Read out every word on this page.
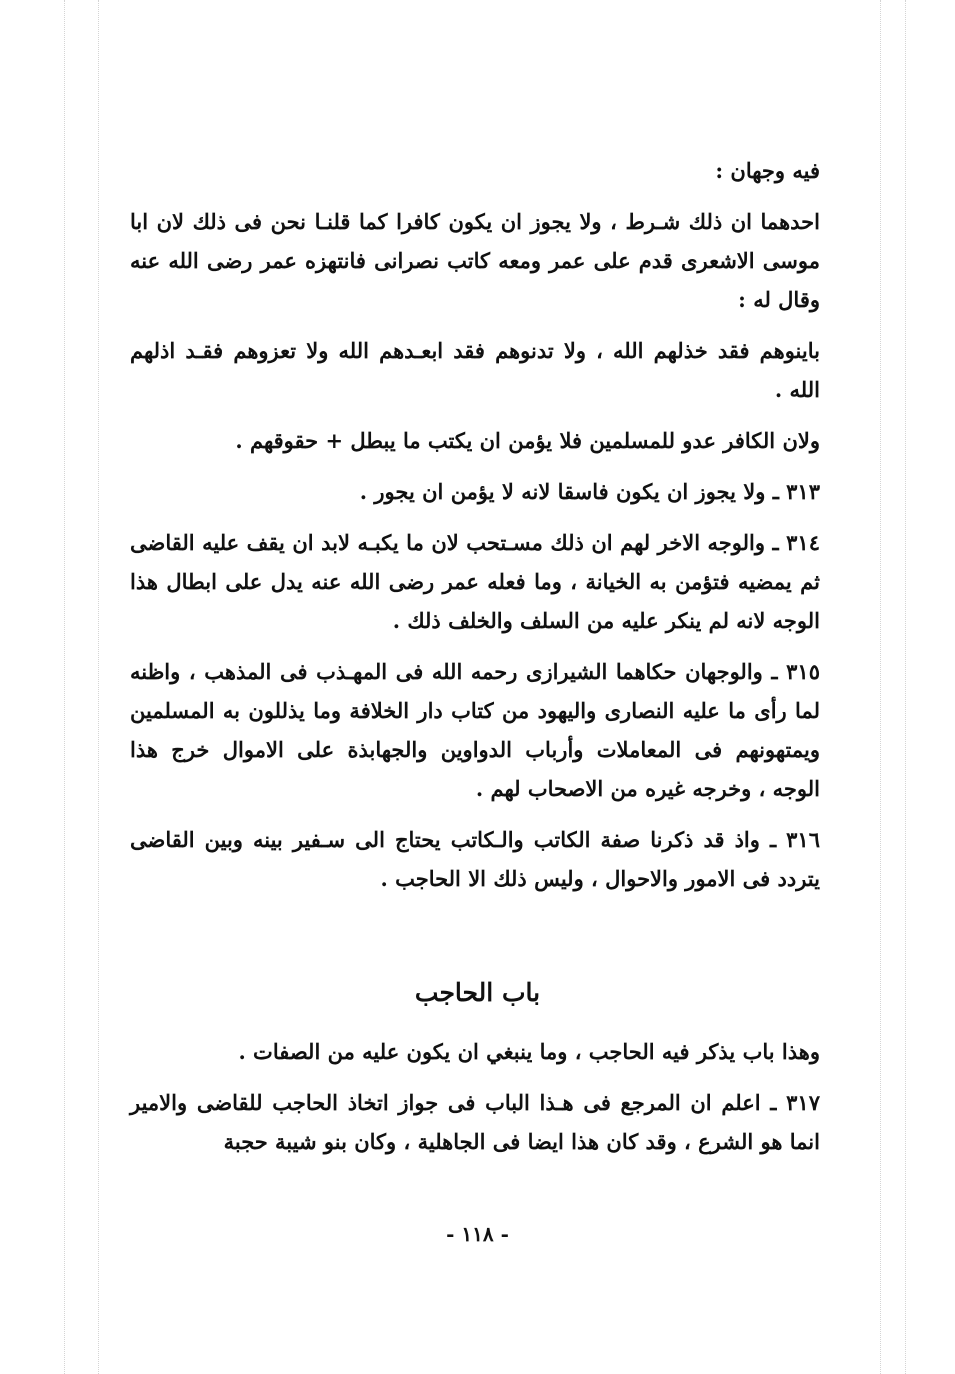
فيه وجهان :

احدهما ان ذلك شـرط ، ولا يجوز ان يكون كافرا كما قلنـا نحن فى ذلك لان ابا موسى الاشعرى قدم على عمر ومعه كاتب نصرانى فانتهزه عمر رضى الله عنه وقال له :

باينوهم فقد خذلهم الله ، ولا تدنوهم فقد ابعـدهم الله ولا تعزوهم فقـد اذلهم الله .

ولان الكافر عدو للمسلمين فلا يؤمن ان يكتب ما يبطل + حقوقهم .

٣١٣ ـ ولا يجوز ان يكون فاسقا لانه لا يؤمن ان يجور .

٣١٤ ـ والوجه الاخر لهم ان ذلك مسـتحب لان ما يكبـه لابد ان يقف عليه القاضى ثم يمضيه فتؤمن به الخيانة ، وما فعله عمر رضى الله عنه يدل على ابطال هذا الوجه لانه لم ينكر عليه من السلف والخلف ذلك .

٣١٥ ـ والوجهان حكاهما الشيرازى رحمه الله فى المهـذب فى المذهب ، واظنه لما رأى ما عليه النصارى واليهود من كتاب دار الخلافة وما يذللون به المسلمين ويمتهونهم فى المعاملات وأرباب الدواوين والجهابذة على الاموال خرج هذا الوجه ، وخرجه غيره من الاصحاب لهم .

٣١٦ ـ واذ قد ذكرنا صفة الكاتب والـكاتب يحتاج الى سـفير بينه وبين القاضى يتردد فى الامور والاحوال ، وليس ذلك الا الحاجب .

باب الحاجب

وهذا باب يذكر فيه الحاجب ، وما ينبغي ان يكون عليه من الصفات .

٣١٧ ـ اعلم ان المرجع فى هـذا الباب فى جواز اتخاذ الحاجب للقاضى والامير انما هو الشرع ، وقد كان هذا ايضا فى الجاهلية ، وكان بنو شيبة حجبة

- ١١٨ -
